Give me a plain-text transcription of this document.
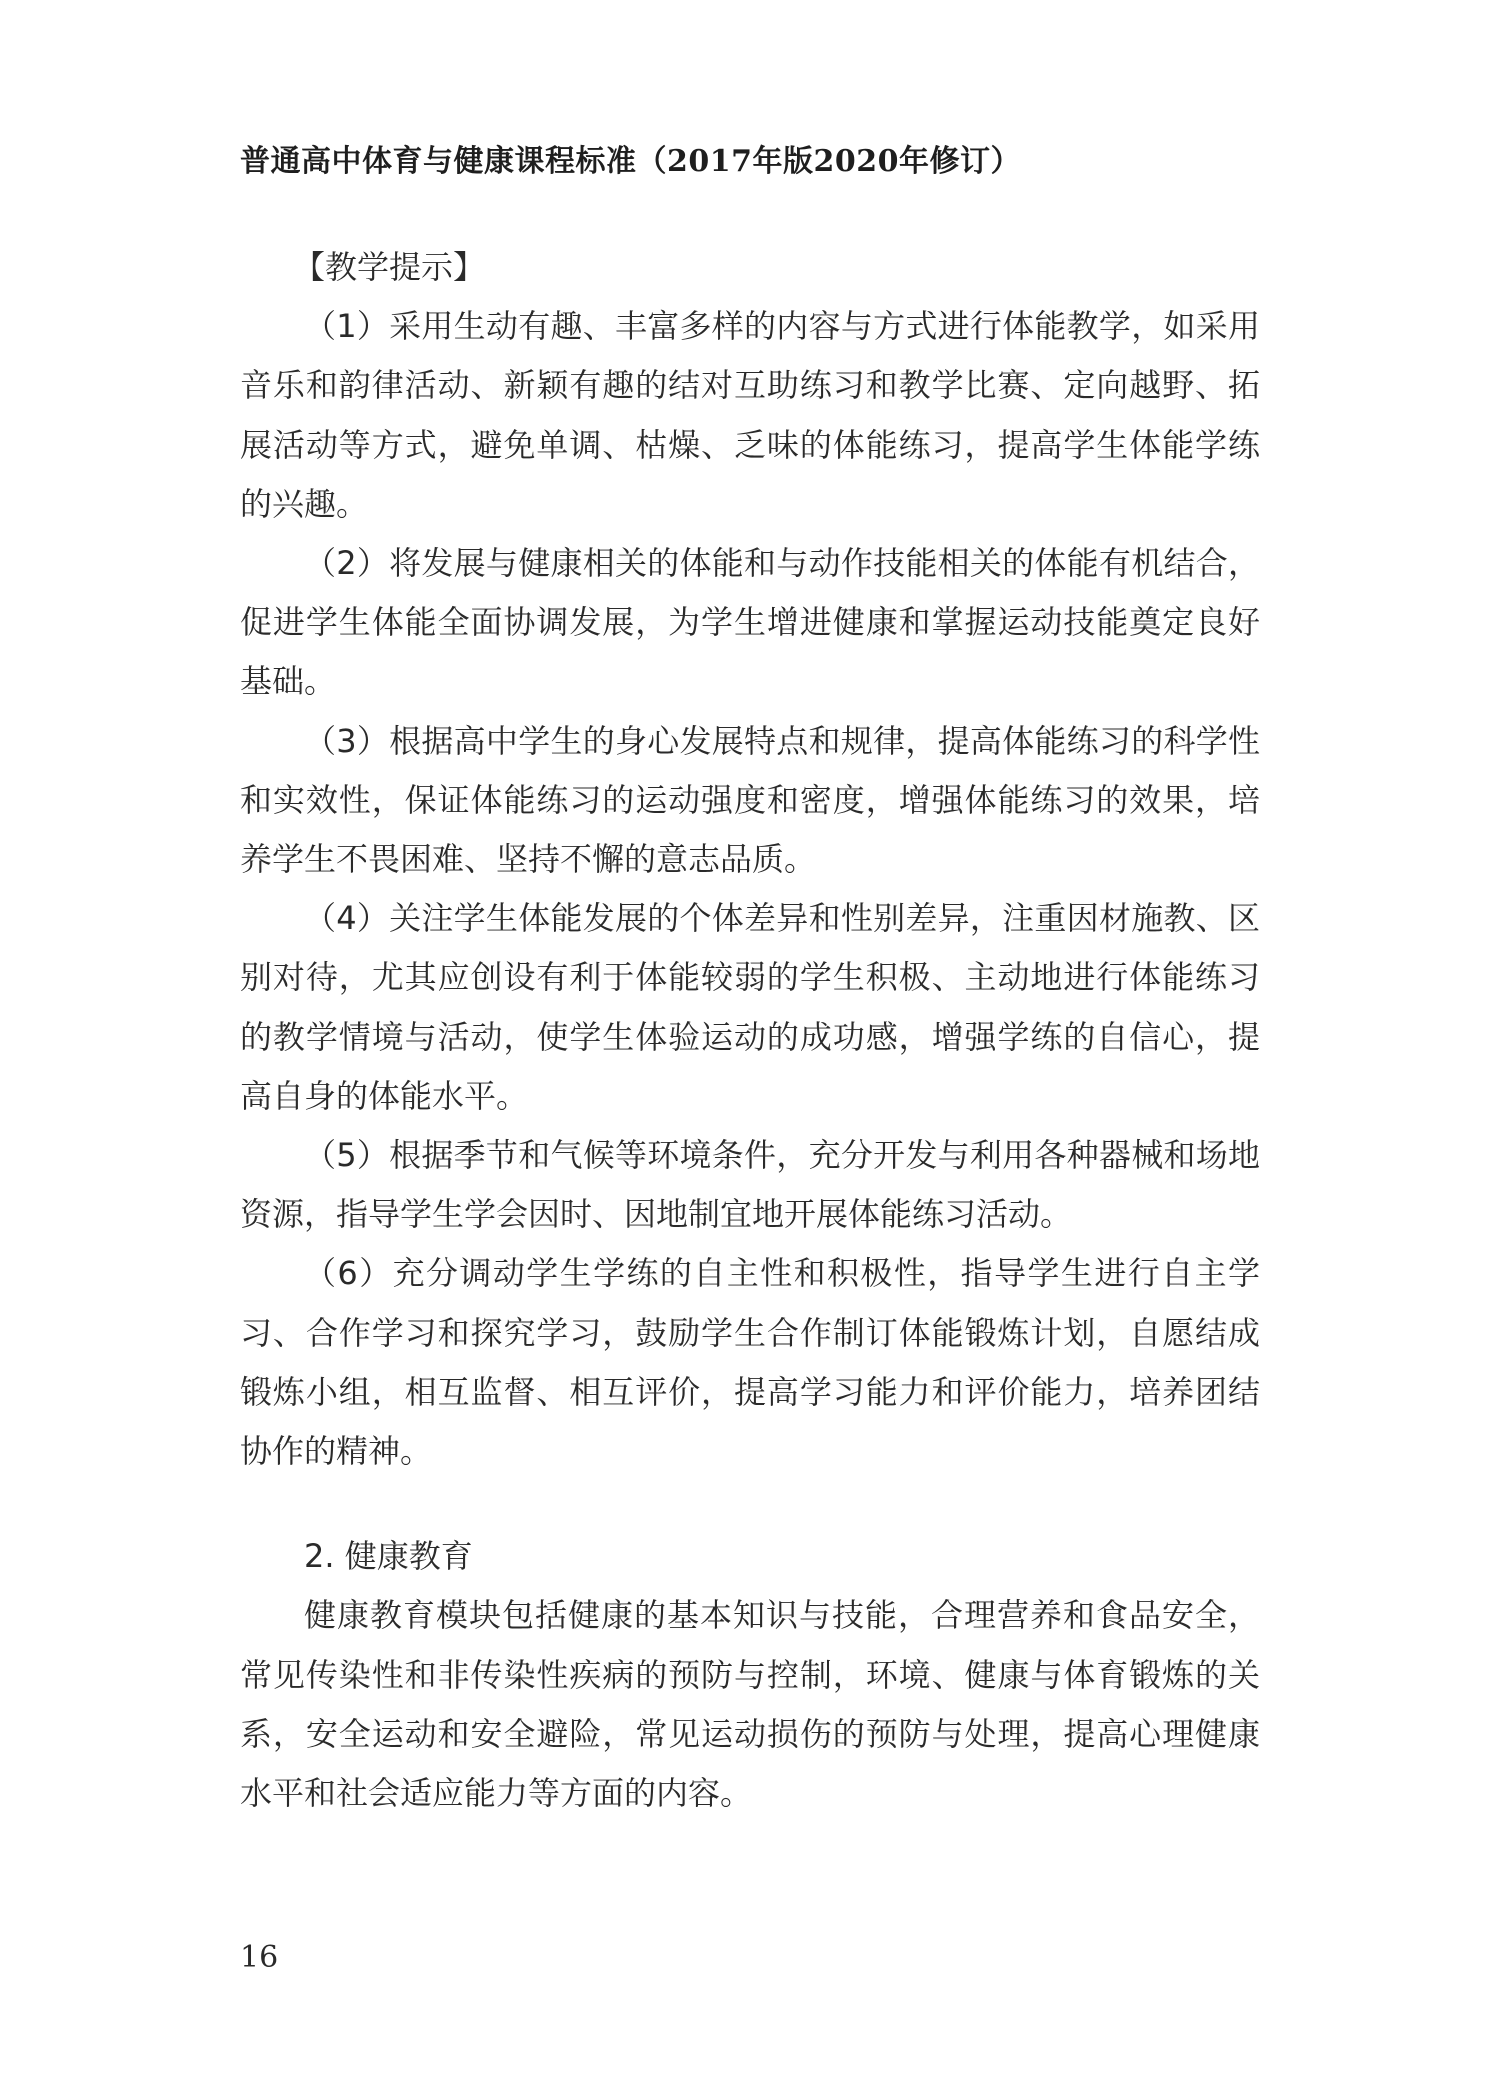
普通高中体育与健康课程标准（2017年版2020年修订）

【教学提示】

（1）采用生动有趣、丰富多样的内容与方式进行体能教学，如采用音乐和韵律活动、新颖有趣的结对互助练习和教学比赛、定向越野、拓展活动等方式，避免单调、枯燥、乏味的体能练习，提高学生体能学练的兴趣。

（2）将发展与健康相关的体能和与动作技能相关的体能有机结合，促进学生体能全面协调发展，为学生增进健康和掌握运动技能奠定良好基础。

（3）根据高中学生的身心发展特点和规律，提高体能练习的科学性和实效性，保证体能练习的运动强度和密度，增强体能练习的效果，培养学生不畏困难、坚持不懈的意志品质。

（4）关注学生体能发展的个体差异和性别差异，注重因材施教、区别对待，尤其应创设有利于体能较弱的学生积极、主动地进行体能练习的教学情境与活动，使学生体验运动的成功感，增强学练的自信心，提高自身的体能水平。

（5）根据季节和气候等环境条件，充分开发与利用各种器械和场地资源，指导学生学会因时、因地制宜地开展体能练习活动。

（6）充分调动学生学练的自主性和积极性，指导学生进行自主学习、合作学习和探究学习，鼓励学生合作制订体能锻炼计划，自愿结成锻炼小组，相互监督、相互评价，提高学习能力和评价能力，培养团结协作的精神。

2. 健康教育

健康教育模块包括健康的基本知识与技能，合理营养和食品安全，常见传染性和非传染性疾病的预防与控制，环境、健康与体育锻炼的关系，安全运动和安全避险，常见运动损伤的预防与处理，提高心理健康水平和社会适应能力等方面的内容。

16
